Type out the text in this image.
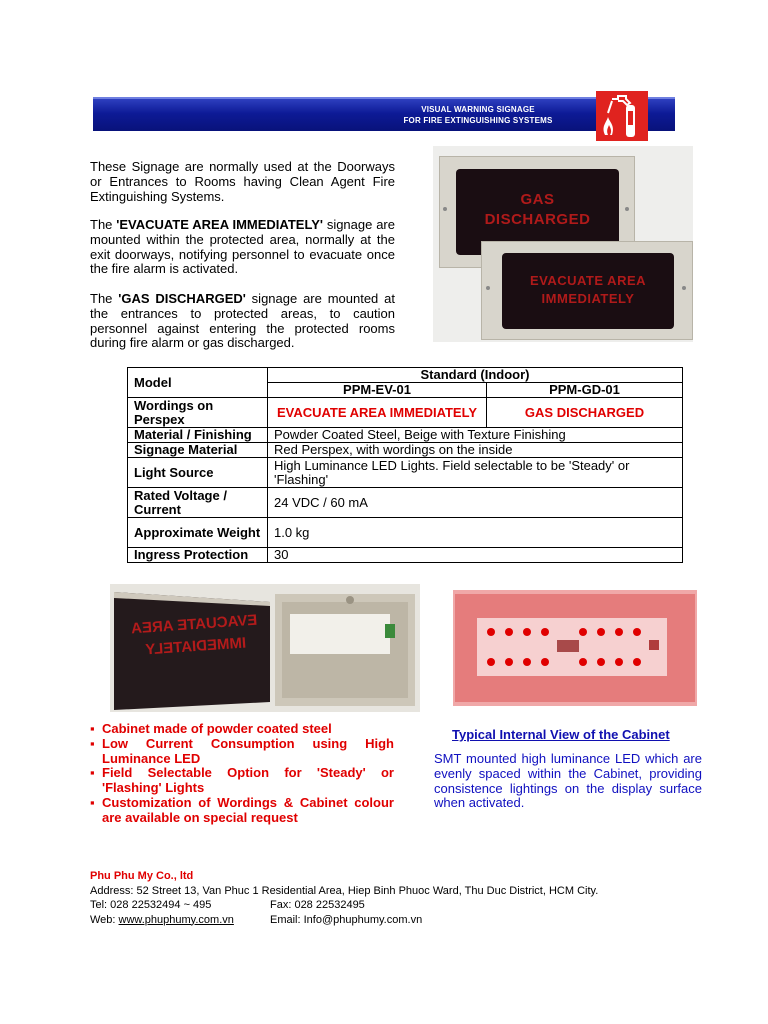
VISUAL WARNING SIGNAGE
FOR FIRE EXTINGUISHING SYSTEMS

These Signage are normally used at the Doorways or Entrances to Rooms having Clean Agent Fire Extinguishing Systems.

The 'EVACUATE AREA IMMEDIATELY' signage are mounted within the protected area, normally at the exit doorways, notifying personnel to evacuate once the fire alarm is activated.

The 'GAS DISCHARGED' signage are mounted at the entrances to protected areas, to caution personnel against entering the protected rooms during fire alarm or gas discharged.

GAS
DISCHARGED
EVACUATE AREA
IMMEDIATELY
Model	Standard (Indoor)	
	PPM-EV-01	PPM-GD-01
Wordings on Perspex	EVACUATE AREA IMMEDIATELY	GAS DISCHARGED
Material / Finishing	Powder Coated Steel, Beige with Texture Finishing	
Signage Material	Red Perspex, with wordings on the inside	
Light Source	High Luminance LED Lights. Field selectable to be 'Steady' or 'Flashing'	
Rated Voltage / Current	24 VDC / 60 mA	
Approximate Weight	1.0 kg	
Ingress Protection	30	
EVACUATE AREA
IMMEDIATELY
▪ Cabinet made of powder coated steel
▪ Low Current Consumption using High Luminance LED
▪ Field Selectable Option for 'Steady' or 'Flashing' Lights
▪ Customization of Wordings & Cabinet colour are available on special request
Typical Internal View of the Cabinet

SMT mounted high luminance LED which are evenly spaced within the Cabinet, providing consistence lightings on the display surface when activated.

Phu Phu My Co., ltd
Address: 52 Street 13, Van Phuc 1 Residential Area, Hiep Binh Phuoc Ward, Thu Duc District, HCM City.
Tel: 028 22532494 ~ 495	Fax: 028 22532495
Web: www.phuphumy.com.vn	Email: Info@phuphumy.com.vn
